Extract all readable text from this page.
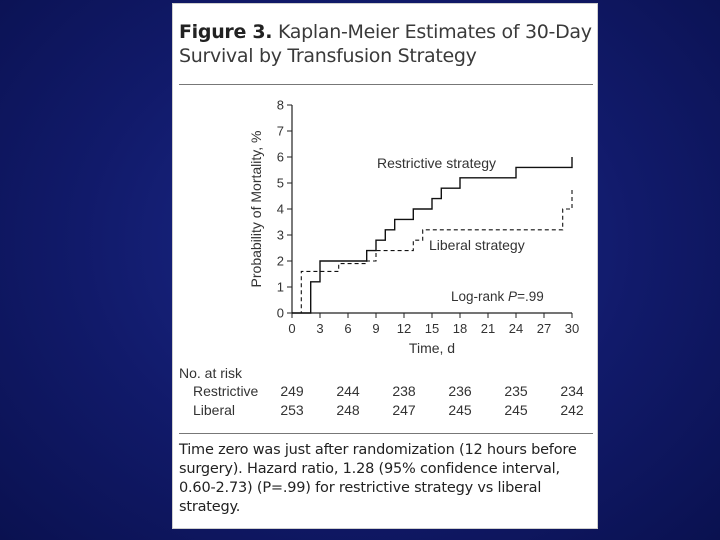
Figure 3. Kaplan-Meier Estimates of 30-Day Survival by Transfusion Strategy
0
1
2
3
4
5
6
7
8
0 3 6 9 12 15 18 21 24 27 30
Probability of Mortality, %
Time, d
Restrictive strategy
Liberal strategy
Log-rank P=.99
No. at risk
Restrictive 249 244 238 236 235 234
Liberal	253 248 247 245 245 242
Time zero was just after randomization (12 hours before surgery). Hazard ratio, 1.28 (95% confidence interval, 0.60-2.73) (P=.99) for restrictive strategy vs liberal strategy.
